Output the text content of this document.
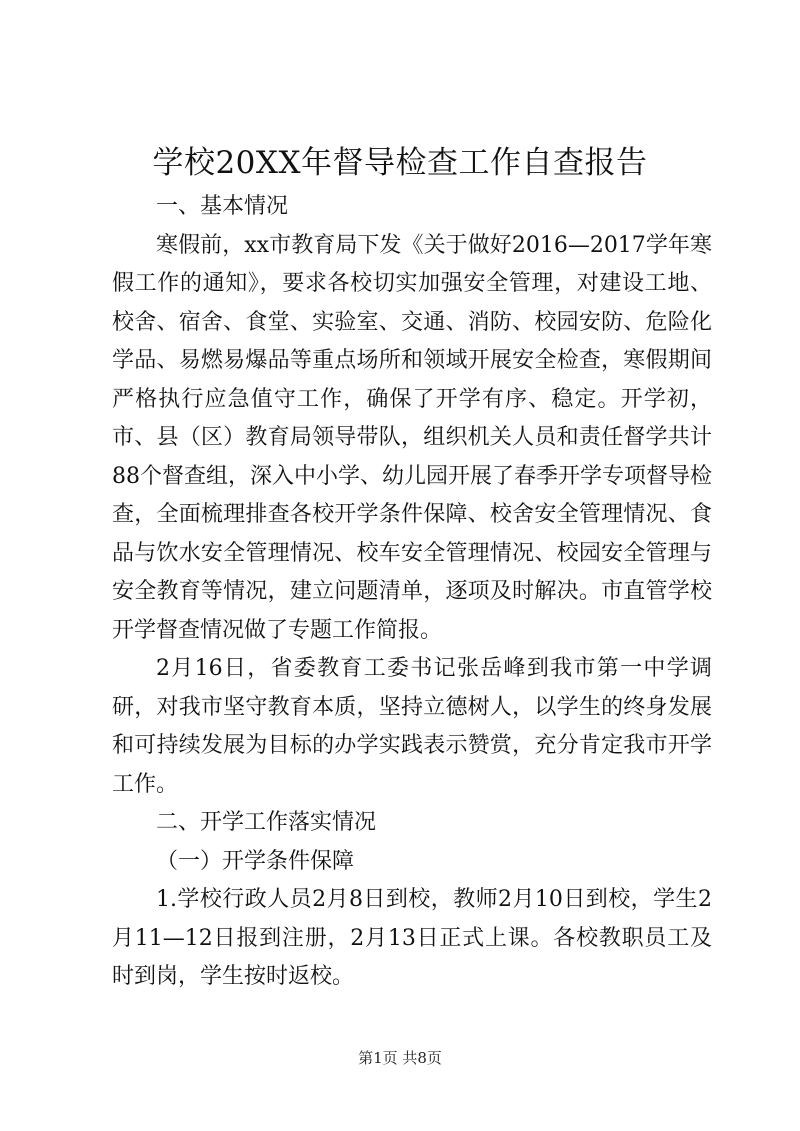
学校20XX年督导检查工作自查报告

一、基本情况

寒假前，xx市教育局下发《关于做好2016—2017学年寒假工作的通知》，要求各校切实加强安全管理，对建设工地、校舍、宿舍、食堂、实验室、交通、消防、校园安防、危险化学品、易燃易爆品等重点场所和领域开展安全检查，寒假期间严格执行应急值守工作，确保了开学有序、稳定。开学初，市、县（区）教育局领导带队，组织机关人员和责任督学共计88个督查组，深入中小学、幼儿园开展了春季开学专项督导检查，全面梳理排查各校开学条件保障、校舍安全管理情况、食品与饮水安全管理情况、校车安全管理情况、校园安全管理与安全教育等情况，建立问题清单，逐项及时解决。市直管学校开学督查情况做了专题工作简报。

2月16日，省委教育工委书记张岳峰到我市第一中学调研，对我市坚守教育本质，坚持立德树人，以学生的终身发展和可持续发展为目标的办学实践表示赞赏，充分肯定我市开学工作。

二、开学工作落实情况

（一）开学条件保障

1.学校行政人员2月8日到校，教师2月10日到校，学生2月11—12日报到注册，2月13日正式上课。各校教职员工及时到岗，学生按时返校。

第1页 共8页
